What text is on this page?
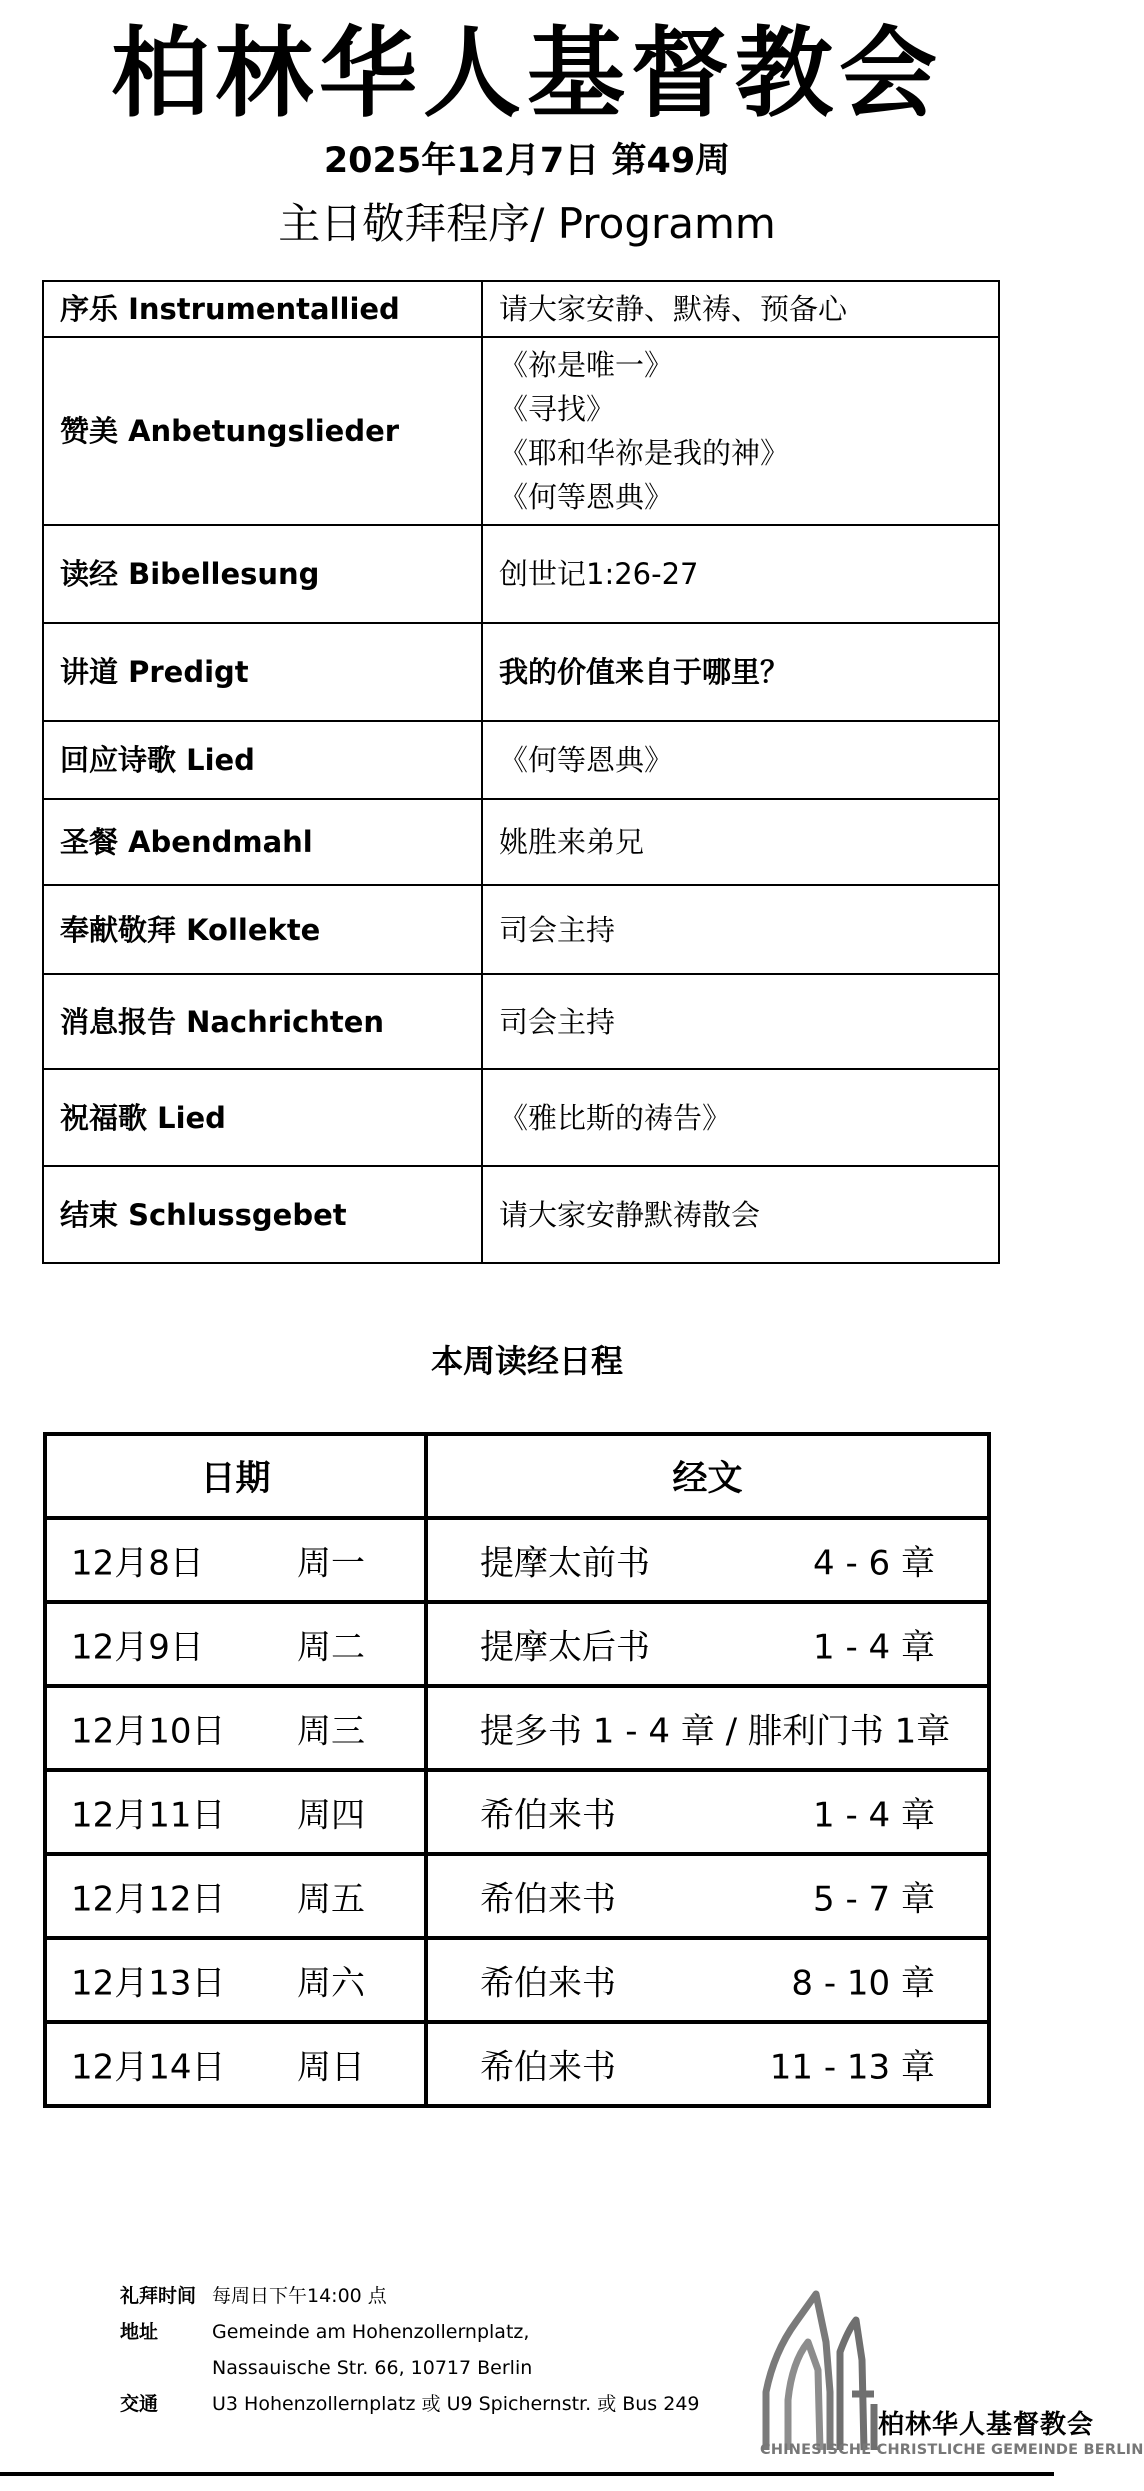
柏林华人基督教会
2025年12月7日 第49周
主日敬拜程序/ Programm
序乐 Instrumentallied	请大家安静、默祷、预备心

赞美 Anbetungslieder	《祢是唯一》
《寻找》
《耶和华祢是我的神》
《何等恩典》

读经 Bibellesung	创世记1:26-27

讲道 Predigt	我的价值来自于哪里？

回应诗歌 Lied	《何等恩典》

圣餐 Abendmahl	姚胜来弟兄

奉献敬拜 Kollekte	司会主持

消息报告 Nachrichten	司会主持

祝福歌 Lied	《雅比斯的祷告》

结束 Schlussgebet	请大家安静默祷散会
本周读经日程
日期	经文

12月8日 周一	提摩太前书 4 - 6 章

12月9日 周二	提摩太后书 1 - 4 章

12月10日 周三	提多书 1 - 4 章 / 腓利门书 1章

12月11日 周四	希伯来书 1 - 4 章

12月12日 周五	希伯来书 5 - 7 章

12月13日 周六	希伯来书 8 - 10 章

12月14日 周日	希伯来书 11 - 13 章
礼拜时间 每周日下午14:00 点
地址	Gemeinde am Hohenzollernplatz,
Nassauische Str. 66, 10717 Berlin
交通	U3 Hohenzollernplatz 或 U9 Spichernstr. 或 Bus 249
柏林华人基督教会
CHINESISCHE CHRISTLICHE GEMEINDE BERLIN
